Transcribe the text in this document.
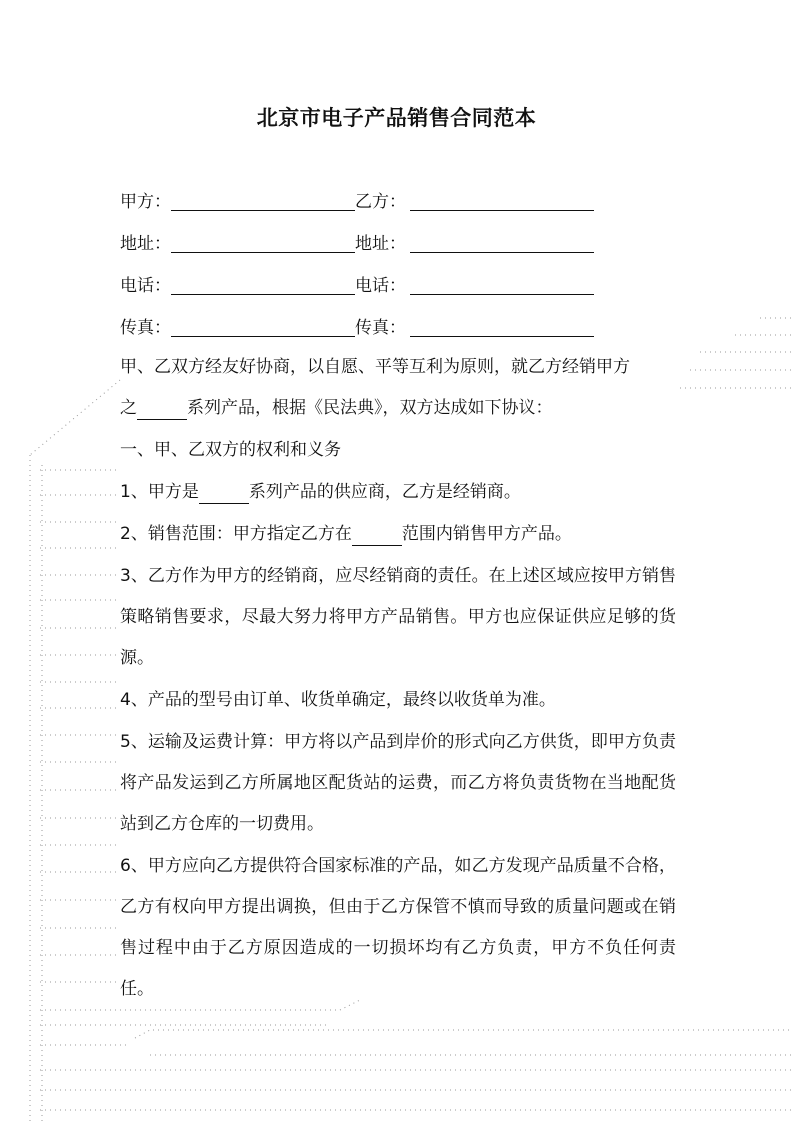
北京市电子产品销售合同范本
甲方：	乙方：
地址：	地址：
电话：	电话：
传真：	传真：

甲、乙双方经友好协商，以自愿、平等互利为原则，就乙方经销甲方
之	系列产品，根据《民法典》，双方达成如下协议：

一、甲、乙双方的权利和义务

1、甲方是	系列产品的供应商，乙方是经销商。

2、销售范围：甲方指定乙方在	范围内销售甲方产品。

3、乙方作为甲方的经销商，应尽经销商的责任。在上述区域应按甲方销售策略销售要求，尽最大努力将甲方产品销售。甲方也应保证供应足够的货源。

4、产品的型号由订单、收货单确定，最终以收货单为准。

5、运输及运费计算：甲方将以产品到岸价的形式向乙方供货，即甲方负责将产品发运到乙方所属地区配货站的运费，而乙方将负责货物在当地配货站到乙方仓库的一切费用。

6、甲方应向乙方提供符合国家标准的产品，如乙方发现产品质量不合格，乙方有权向甲方提出调换，但由于乙方保管不慎而导致的质量问题或在销售过程中由于乙方原因造成的一切损坏均有乙方负责，甲方不负任何责任。
